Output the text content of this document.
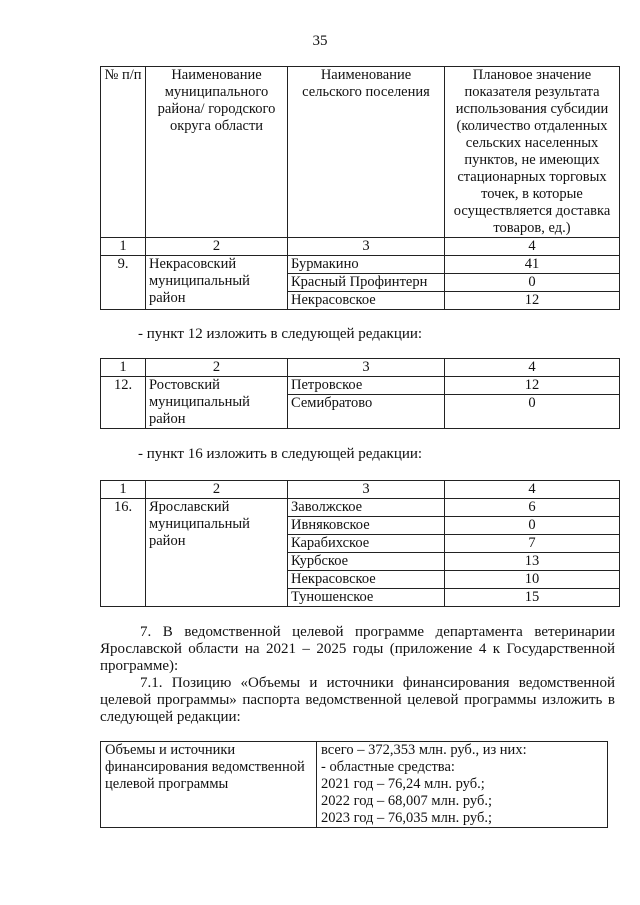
35
№ п/п	Наименование муниципального района/ городского округа области	Наименование сельского поселения	Плановое значение показателя результата использования субсидии (количество отдаленных сельских населенных пунктов, не имеющих стационарных торговых точек, в которые осуществляется доставка товаров, ед.)
1	2	3	4
9.	Некрасовский муниципальный район	Бурмакино	41
		Красный Профинтерн	0
		Некрасовское	12
- пункт 12 изложить в следующей редакции:
1	2	3	4
12.	Ростовский муниципальный район	Петровское	12
		Семибратово	0
- пункт 16 изложить в следующей редакции:
1	2	3	4
16.	Ярославский муниципальный район	Заволжское	6
		Ивняковское	0
		Карабихское	7
		Курбское	13
		Некрасовское	10
		Туношенское	15
7. В ведомственной целевой программе департамента ветеринарии Ярославской области на 2021 – 2025 годы (приложение 4 к Государственной программе):
7.1. Позицию «Объемы и источники финансирования ведомственной целевой программы» паспорта ведомственной целевой программы изложить в следующей редакции:
Объемы и источники финансирования ведомственной целевой программы	
всего – 372,353 млн. руб., из них:
- областные средства:
2021 год – 76,24 млн. руб.;
2022 год – 68,007 млн. руб.;
2023 год – 76,035 млн. руб.;
